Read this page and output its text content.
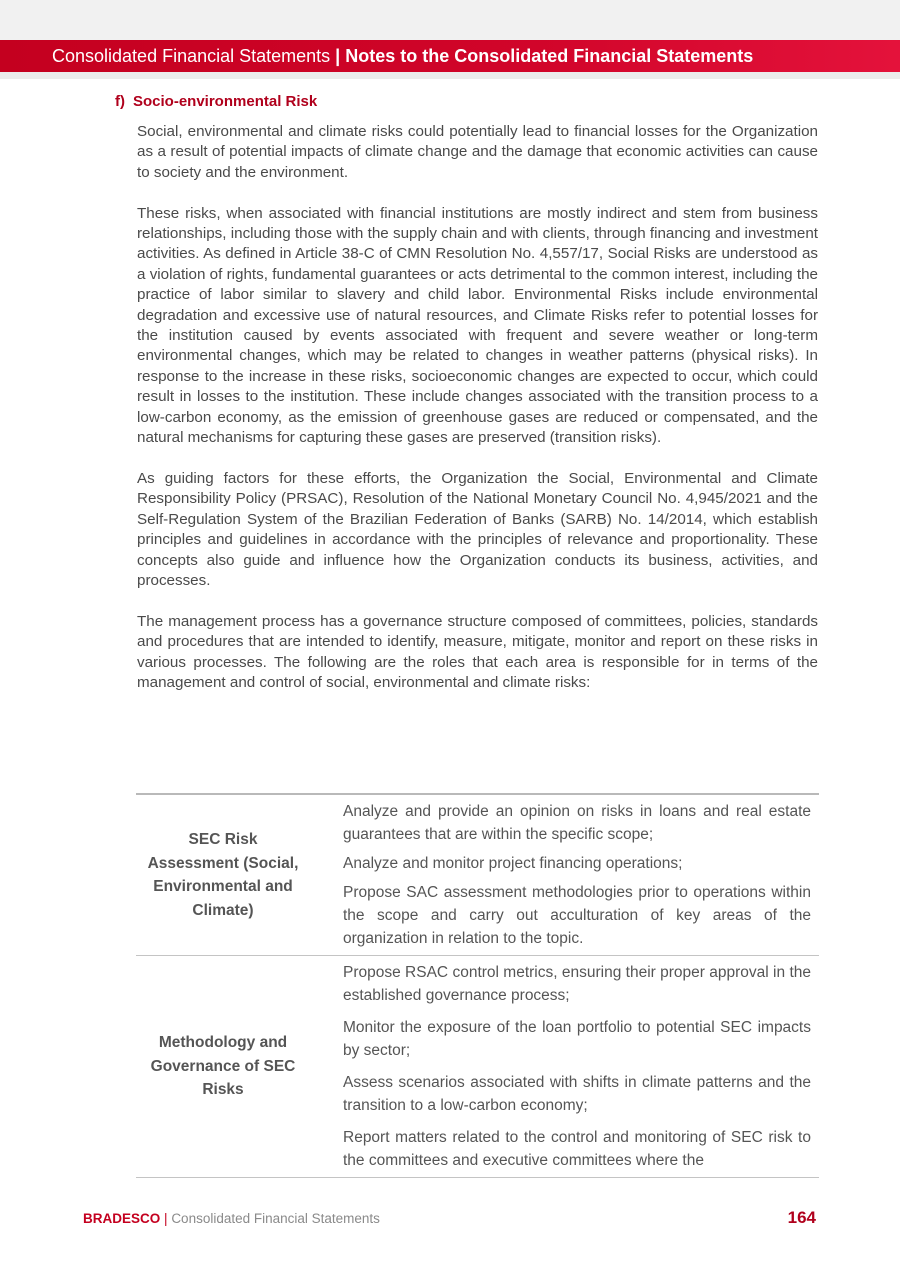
Consolidated Financial Statements | Notes to the Consolidated Financial Statements
f) Socio-environmental Risk

Social, environmental and climate risks could potentially lead to financial losses for the Organization as a result of potential impacts of climate change and the damage that economic activities can cause to society and the environment.

These risks, when associated with financial institutions are mostly indirect and stem from business relationships, including those with the supply chain and with clients, through financing and investment activities. As defined in Article 38-C of CMN Resolution No. 4,557/17, Social Risks are understood as a violation of rights, fundamental guarantees or acts detrimental to the common interest, including the practice of labor similar to slavery and child labor. Environmental Risks include environmental degradation and excessive use of natural resources, and Climate Risks refer to potential losses for the institution caused by events associated with frequent and severe weather or long-term environmental changes, which may be related to changes in weather patterns (physical risks). In response to the increase in these risks, socioeconomic changes are expected to occur, which could result in losses to the institution. These include changes associated with the transition process to a low-carbon economy, as the emission of greenhouse gases are reduced or compensated, and the natural mechanisms for capturing these gases are preserved (transition risks).

As guiding factors for these efforts, the Organization the Social, Environmental and Climate Responsibility Policy (PRSAC), Resolution of the National Monetary Council No. 4,945/2021 and the Self-Regulation System of the Brazilian Federation of Banks (SARB) No. 14/2014, which establish principles and guidelines in accordance with the principles of relevance and proportionality. These concepts also guide and influence how the Organization conducts its business, activities, and processes.

The management process has a governance structure composed of committees, policies, standards and procedures that are intended to identify, measure, mitigate, monitor and report on these risks in various processes. The following are the roles that each area is responsible for in terms of the management and control of social, environmental and climate risks:

SEC Risk Assessment (Social, Environmental and Climate)	Analyze and provide an opinion on risks in loans and real estate guarantees that are within the specific scope;

Analyze and monitor project financing operations;

Propose SAC assessment methodologies prior to operations within the scope and carry out acculturation of key areas of the organization in relation to the topic.

Methodology and Governance of SEC Risks	Propose RSAC control metrics, ensuring their proper approval in the established governance process;

Monitor the exposure of the loan portfolio to potential SEC impacts by sector;

Assess scenarios associated with shifts in climate patterns and the transition to a low-carbon economy;

Report matters related to the control and monitoring of SEC risk to the committees and executive committees where the

BRADESCO | Consolidated Financial Statements	164
